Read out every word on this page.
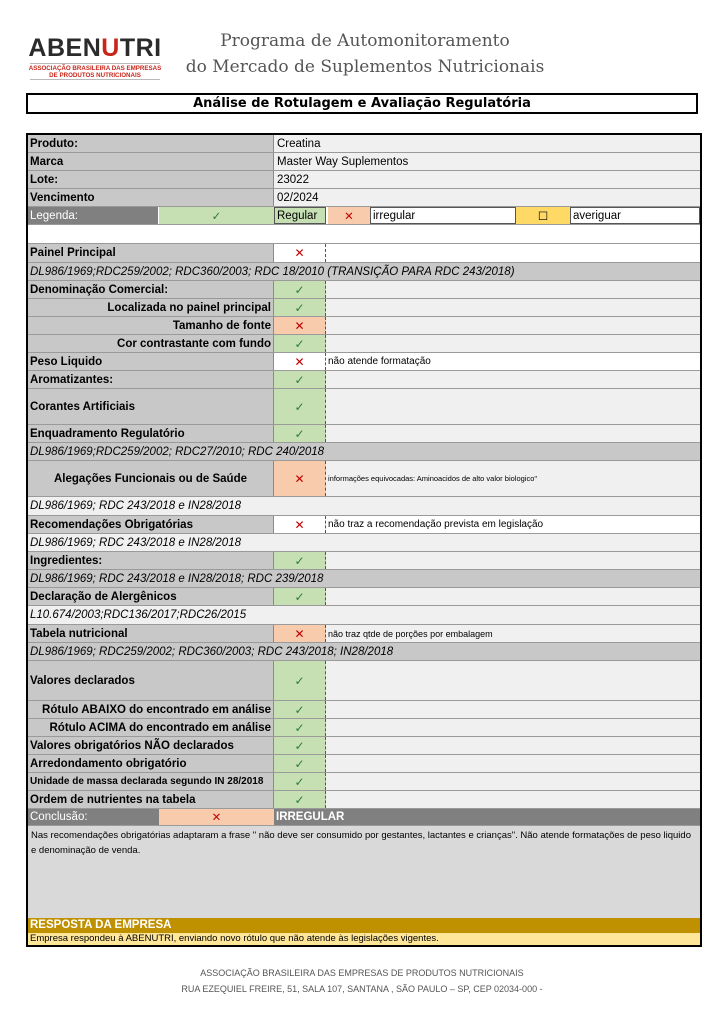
ABENUTRI
ASSOCIAÇÃO BRASILEIRA DAS EMPRESAS
DE PRODUTOS NUTRICIONAIS
Programa de Automonitoramento
do Mercado de Suplementos Nutricionais
Análise de Rotulagem e Avaliação Regulatória
Produto:	Creatina
Marca	Master Way Suplementos
Lote:	23022
Vencimento	02/2024
Legenda:	✓	Regular	✕	irregular	☐	averiguar
Painel Principal	✕
DL986/1969;RDC259/2002; RDC360/2003; RDC 18/2010 (TRANSIÇÃO PARA RDC 243/2018)
Denominação Comercial:	✓
Localizada no painel principal	✓
Tamanho de fonte	✕
Cor contrastante com fundo	✓
Peso Liquido	✕	não atende formatação
Aromatizantes:	✓
Corantes Artificiais	✓
Enquadramento Regulatório	✓
DL986/1969;RDC259/2002; RDC27/2010; RDC 240/2018
Alegações Funcionais ou de Saúde	✕	informações equivocadas: Aminoacidos de alto valor biologico"
DL986/1969; RDC 243/2018 e IN28/2018
Recomendações Obrigatórias	✕	não traz a recomendação prevista em legislação
DL986/1969; RDC 243/2018 e IN28/2018
Ingredientes:	✓
DL986/1969; RDC 243/2018 e IN28/2018; RDC 239/2018
Declaração de Alergênicos	✓
L10.674/2003;RDC136/2017;RDC26/2015
Tabela nutricional	✕	não traz qtde de porções por embalagem
DL986/1969; RDC259/2002; RDC360/2003; RDC 243/2018; IN28/2018
Valores declarados	✓
Rótulo ABAIXO do encontrado em análise	✓
Rótulo ACIMA do encontrado em análise	✓
Valores obrigatórios NÃO declarados	✓
Arredondamento obrigatório	✓
Unidade de massa declarada segundo IN 28/2018	✓
Ordem de nutrientes na tabela	✓
Conclusão:	✕	IRREGULAR
Nas recomendações obrigatórias adaptaram a frase " não deve ser consumido por gestantes, lactantes e crianças". Não atende formatações de peso liquido e denominação de venda.
RESPOSTA DA EMPRESA
Empresa respondeu à ABENUTRI, enviando novo rótulo que não atende às legislações vigentes.
ASSOCIAÇÃO BRASILEIRA DAS EMPRESAS DE PRODUTOS NUTRICIONAIS
RUA EZEQUIEL FREIRE, 51, SALA 107, SANTANA , SÃO PAULO – SP, CEP 02034-000 -
